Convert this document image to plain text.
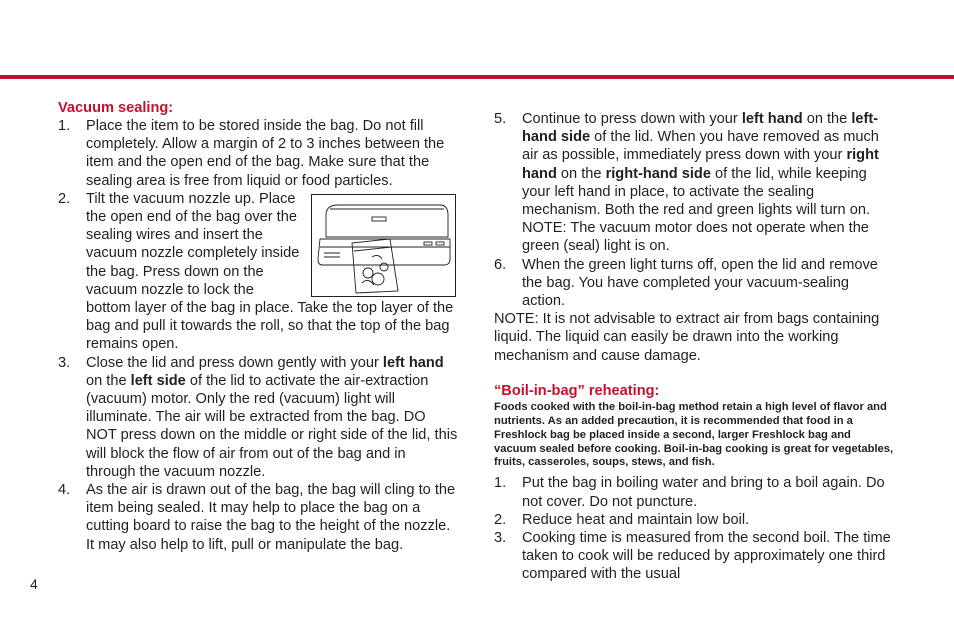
Vacuum sealing:
1. Place the item to be stored inside the bag. Do not fill completely. Allow a margin of 2 to 3 inches between the item and the open end of the bag. Make sure that the sealing area is free from liquid or food particles.
2. Tilt the vacuum nozzle up. Place the open end of the bag over the sealing wires and insert the vacuum nozzle completely inside the bag. Press down on the vacuum nozzle to lock the bottom layer of the bag in place. Take the top layer of the bag and pull it towards the roll, so that the top of the bag remains open.
3. Close the lid and press down gently with your left hand on the left side of the lid to activate the air-extraction (vacuum) motor. Only the red (vacuum) light will illuminate. The air will be extracted from the bag. DO NOT press down on the middle or right side of the lid, this will block the flow of air from out of the bag and in through the vacuum nozzle.
4. As the air is drawn out of the bag, the bag will cling to the item being sealed. It may help to place the bag on a cutting board to raise the bag to the height of the nozzle. It may also help to lift, pull or manipulate the bag.
5. Continue to press down with your left hand on the left-hand side of the lid. When you have removed as much air as possible, immediately press down with your right hand on the right-hand side of the lid, while keeping your left hand in place, to activate the sealing mechanism. Both the red and green lights will turn on. NOTE: The vacuum motor does not operate when the green (seal) light is on.
6. When the green light turns off, open the lid and remove the bag. You have completed your vacuum-sealing action.
NOTE: It is not advisable to extract air from bags containing liquid. The liquid can easily be drawn into the working mechanism and cause damage.
“Boil-in-bag” reheating:
Foods cooked with the boil-in-bag method retain a high level of flavor and nutrients. As an added precaution, it is recommended that food in a Freshlock bag be placed inside a second, larger Freshlock bag and vacuum sealed before cooking. Boil-in-bag cooking is great for vegetables, fruits, casseroles, soups, stews, and fish.
1. Put the bag in boiling water and bring to a boil again. Do not cover. Do not puncture.
2. Reduce heat and maintain low boil.
3. Cooking time is measured from the second boil. The time taken to cook will be reduced by approximately one third compared with the usual
4
